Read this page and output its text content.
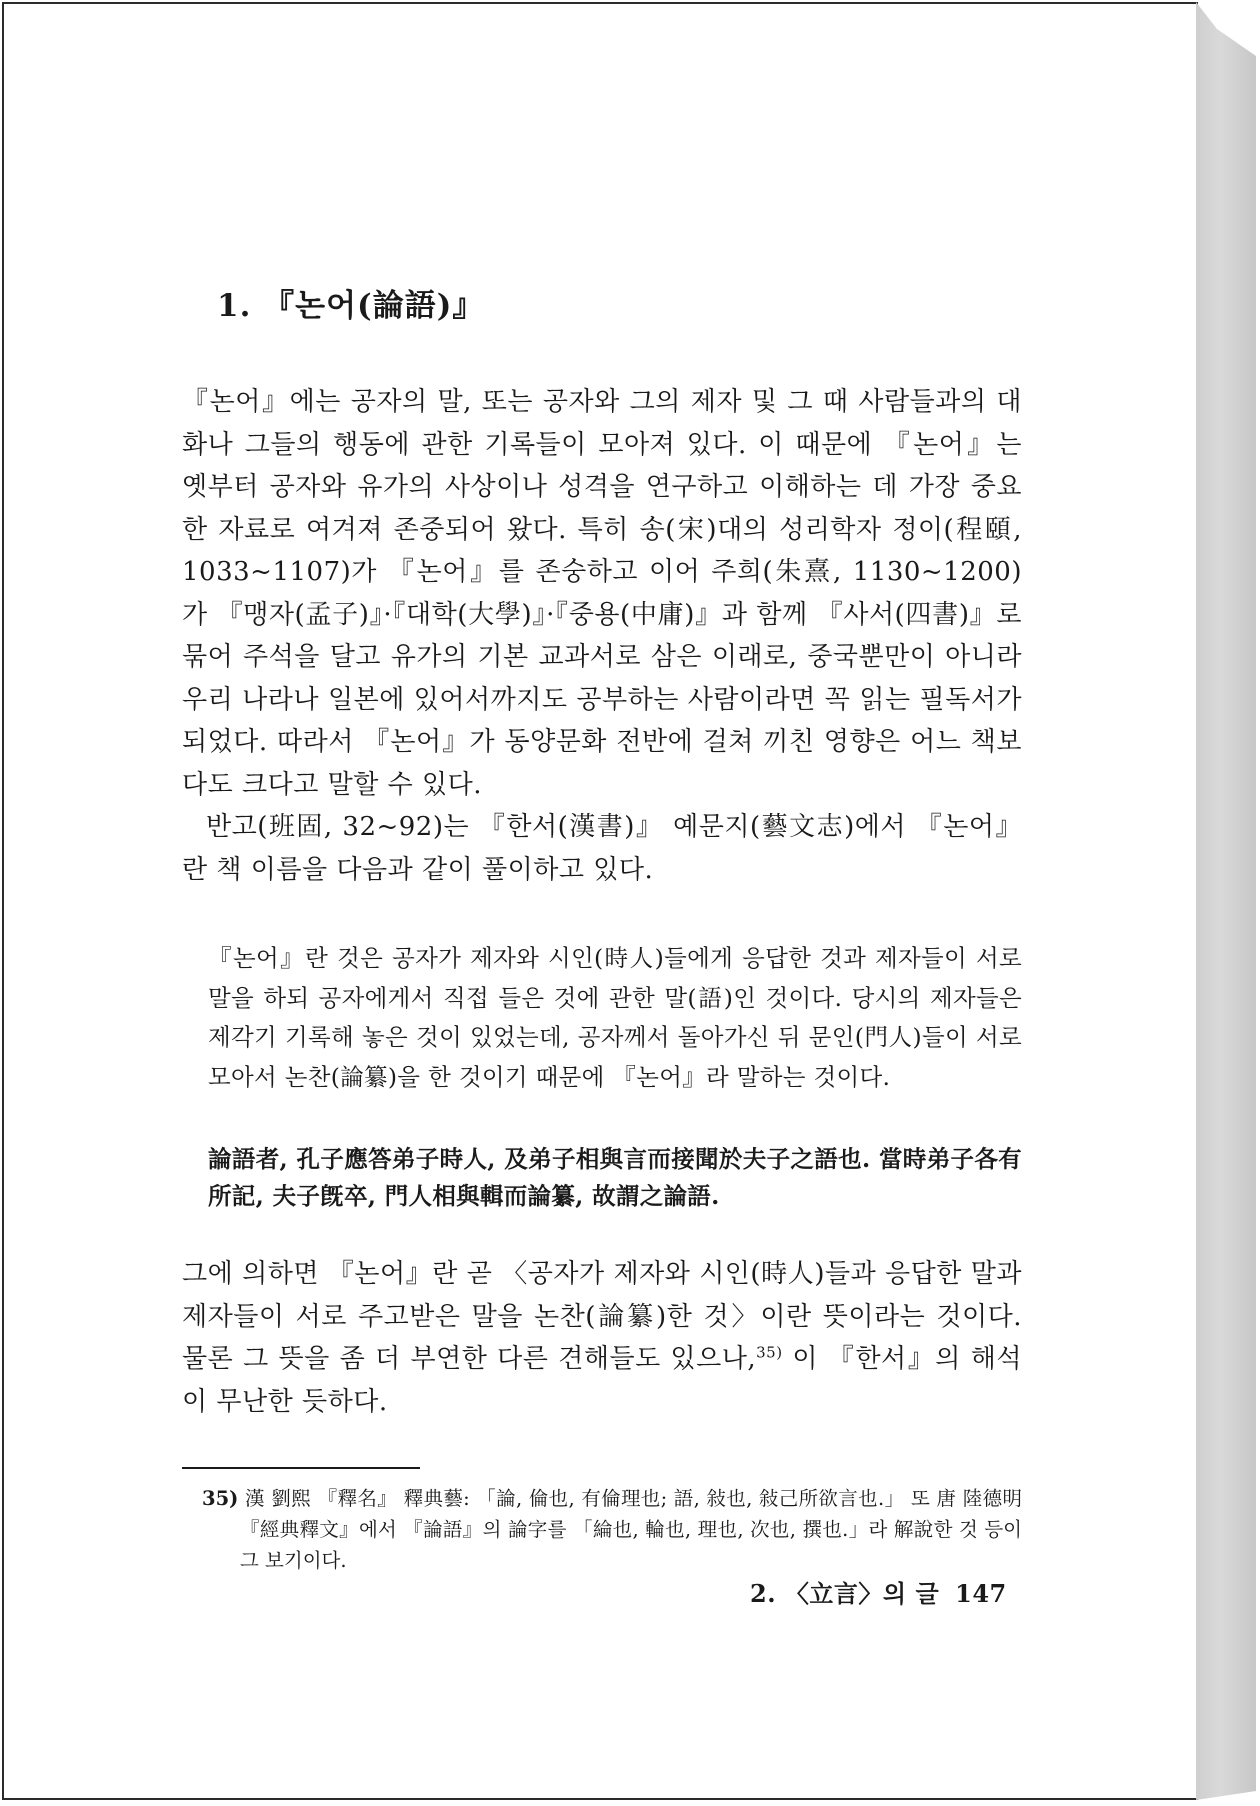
1. 『논어(論語)』

『논어』에는 공자의 말, 또는 공자와 그의 제자 및 그 때 사람들과의 대화나 그들의 행동에 관한 기록들이 모아져 있다. 이 때문에 『논어』는 옛부터 공자와 유가의 사상이나 성격을 연구하고 이해하는 데 가장 중요한 자료로 여겨져 존중되어 왔다. 특히 송(宋)대의 성리학자 정이(程頤, 1033~1107)가 『논어』를 존숭하고 이어 주희(朱熹, 1130~1200)가 『맹자(孟子)』·『대학(大學)』·『중용(中庸)』과 함께 『사서(四書)』로 묶어 주석을 달고 유가의 기본 교과서로 삼은 이래로, 중국뿐만이 아니라 우리 나라나 일본에 있어서까지도 공부하는 사람이라면 꼭 읽는 필독서가 되었다. 따라서 『논어』가 동양문화 전반에 걸쳐 끼친 영향은 어느 책보다도 크다고 말할 수 있다.

반고(班固, 32~92)는 『한서(漢書)』 예문지(藝文志)에서 『논어』란 책 이름을 다음과 같이 풀이하고 있다.

『논어』란 것은 공자가 제자와 시인(時人)들에게 응답한 것과 제자들이 서로 말을 하되 공자에게서 직접 들은 것에 관한 말(語)인 것이다. 당시의 제자들은 제각기 기록해 놓은 것이 있었는데, 공자께서 돌아가신 뒤 문인(門人)들이 서로 모아서 논찬(論纂)을 한 것이기 때문에 『논어』라 말하는 것이다.

論語者, 孔子應答弟子時人, 及弟子相與言而接聞於夫子之語也. 當時弟子各有所記, 夫子旣卒, 門人相與輯而論纂, 故謂之論語.

그에 의하면 『논어』란 곧 〈공자가 제자와 시인(時人)들과 응답한 말과 제자들이 서로 주고받은 말을 논찬(論纂)한 것〉이란 뜻이라는 것이다. 물론 그 뜻을 좀 더 부연한 다른 견해들도 있으나,$^{35)}$ 이 『한서』의 해석이 무난한 듯하다.

35) 漢 劉熙 『釋名』 釋典藝: 「論, 倫也, 有倫理也; 語, 敍也, 敍己所欲言也.」 또 唐 陸德明 『經典釋文』에서 『論語』의 論字를 「綸也, 輪也, 理也, 次也, 撰也.」라 解說한 것 등이 그 보기이다.

2. 〈立言〉의 글 147
